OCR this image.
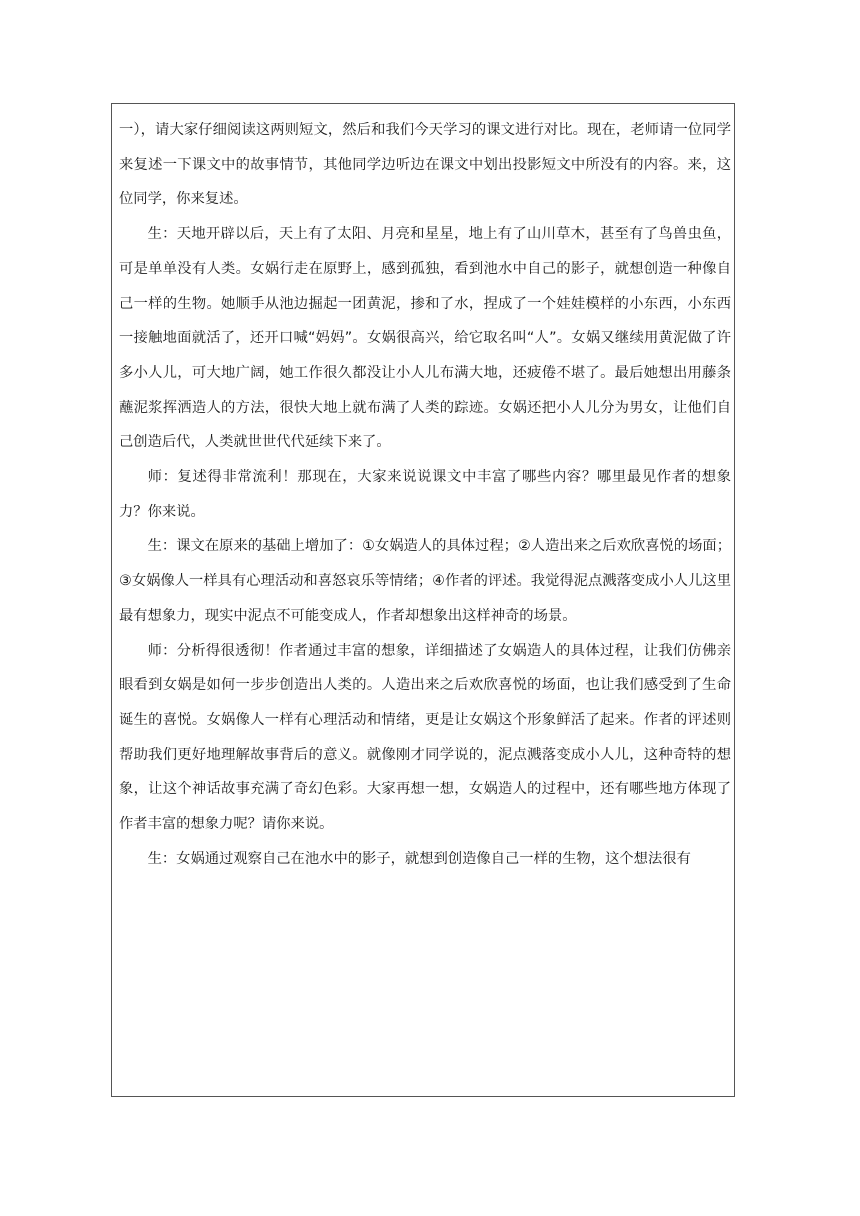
一），请大家仔细阅读这两则短文，然后和我们今天学习的课文进行对比。现在，老师请一位同学来复述一下课文中的故事情节，其他同学边听边在课文中划出投影短文中所没有的内容。来，这位同学，你来复述。

生：天地开辟以后，天上有了太阳、月亮和星星，地上有了山川草木，甚至有了鸟兽虫鱼，可是单单没有人类。女娲行走在原野上，感到孤独，看到池水中自己的影子，就想创造一种像自己一样的生物。她顺手从池边掘起一团黄泥，掺和了水，捏成了一个娃娃模样的小东西，小东西一接触地面就活了，还开口喊“妈妈”。女娲很高兴，给它取名叫“人”。女娲又继续用黄泥做了许多小人儿，可大地广阔，她工作很久都没让小人儿布满大地，还疲倦不堪了。最后她想出用藤条蘸泥浆挥洒造人的方法，很快大地上就布满了人类的踪迹。女娲还把小人儿分为男女，让他们自己创造后代，人类就世世代代延续下来了。

师：复述得非常流利！那现在，大家来说说课文中丰富了哪些内容？哪里最见作者的想象力？你来说。

生：课文在原来的基础上增加了：①女娲造人的具体过程；②人造出来之后欢欣喜悦的场面；③女娲像人一样具有心理活动和喜怒哀乐等情绪；④作者的评述。我觉得泥点溅落变成小人儿这里最有想象力，现实中泥点不可能变成人，作者却想象出这样神奇的场景。

师：分析得很透彻！作者通过丰富的想象，详细描述了女娲造人的具体过程，让我们仿佛亲眼看到女娲是如何一步步创造出人类的。人造出来之后欢欣喜悦的场面，也让我们感受到了生命诞生的喜悦。女娲像人一样有心理活动和情绪，更是让女娲这个形象鲜活了起来。作者的评述则帮助我们更好地理解故事背后的意义。就像刚才同学说的，泥点溅落变成小人儿，这种奇特的想象，让这个神话故事充满了奇幻色彩。大家再想一想，女娲造人的过程中，还有哪些地方体现了作者丰富的想象力呢？请你来说。

生：女娲通过观察自己在池水中的影子，就想到创造像自己一样的生物，这个想法很有
